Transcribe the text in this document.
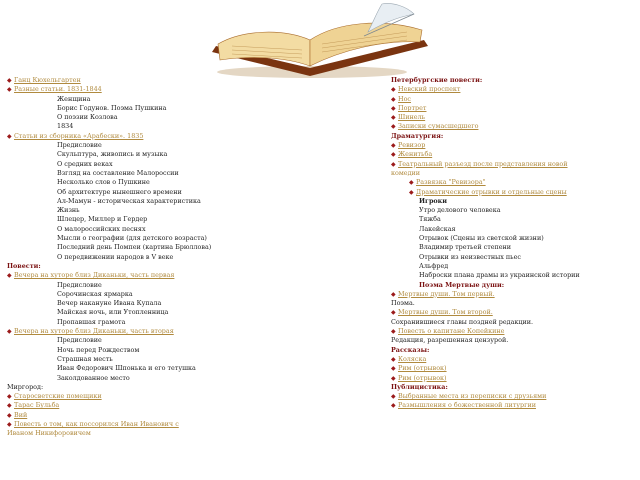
◆ Ганц Кюхельгартен
◆ Разные статьи. 1831-1844
Женщина
Борис Годунов. Поэма Пушкина
О поэзии Козлова
1834
◆ Статьи из сборника «Арабески». 1835
Предисловие
Скульптура, живопись и музыка
О средних веках
Взгляд на составление Малороссии
Несколько слов о Пушкине
Об архитектуре нынешнего времени
Ал-Мамун - историческая характеристика
Жизнь
Шлецер, Миллер и Гердер
О малороссийских песнях
Мысли о географии (для детского возраста)
Последний день Помпеи (картина Брюллова)
О передвижении народов в V веке
Повести:
◆ Вечера на хуторе близ Диканьки, часть первая
Предисловие
Сорочинская ярмарка
Вечер накануне Ивана Купала
Майская ночь, или Утопленница
Пропавшая грамота
◆ Вечера на хуторе близ Диканьки, часть вторая
Предисловие
Ночь перед Рождеством
Страшная месть
Иван Федорович Шпонька и его тетушка
Заколдованное место
Миргород:
◆ Старосветские помещики
◆ Тарас Бульба
◆ Вий
◆ Повесть о том, как поссорился Иван Иванович с
Иваном Никифоровичем
Петербургские повести:
◆ Невский проспект
◆ Нос
◆ Портрет
◆ Шинель
◆ Записки сумасшедшего
Драматургия:
◆ Ревизор
◆ Женитьба
◆ Театральный разъезд после представления новой
комедии
◆ Развязка "Ревизора"
◆ Драматические отрывки и отдельные сцены
Игроки
Утро делового человека
Тяжба
Лакейская
Отрывок (Сцены из светской жизни)
Владимир третьей степени
Отрывки из неизвестных пьес
Альфред
Наброски плана драмы из украинской истории
Поэма Мертвые души:
◆ Мертвые души. Том первый.
Поэма.
◆ Мертвые души. Том второй.
Сохранившиеся главы поздней редакции.
◆ Повесть о капитане Копейкине
Редакция, разрешенная цензурой.
Рассказы:
◆ Коляска
◆ Рим (отрывок)
◆ Рим (отрывок)
Публицистика:
◆ Выбранные места из переписки с друзьями
◆ Размышления о божественной литургии
